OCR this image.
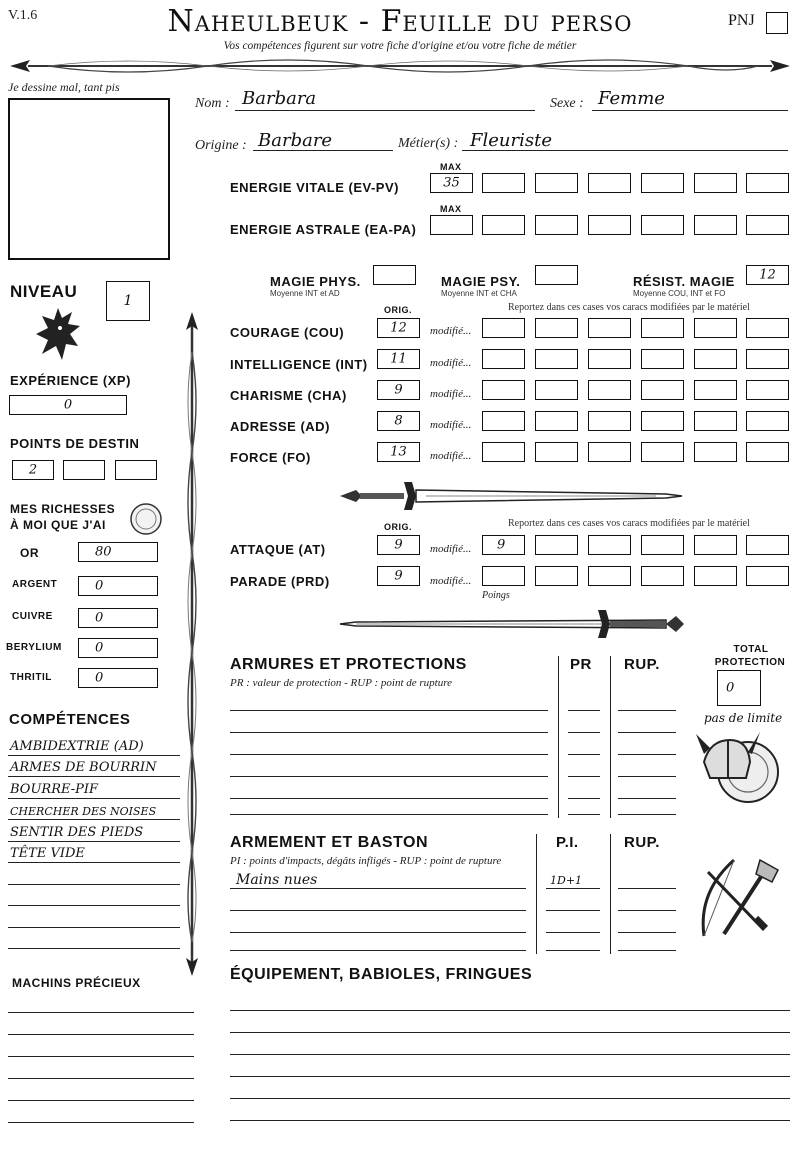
V.1.6	Naheulbeuk - Feuille du perso
Vos compétences figurent sur votre fiche d'origine et/ou votre fiche de métier
PNJ
Je dessine mal, tant pis
Nom : Barbara	Sexe : Femme
Origine : Barbare	Métier(s) : Fleuriste
MAX
ENERGIE VITALE (EV-PV)	35
MAX
ENERGIE ASTRALE (EA-PA)
MAGIE PHYS.
Moyenne INT et AD
MAGIE PSY.
Moyenne INT et CHA
RÉSIST. MAGIE
Moyenne COU, INT et FO
12
NIVEAU	1
EXPÉRIENCE (XP)
0
POINTS DE DESTIN
2
MES RICHESSES
À MOI QUE J'AI
OR	80
ARGENT	0
CUIVRE	0
BERYLIUM	0
THRITIL	0
COMPÉTENCES
AMBIDEXTRIE (AD)
ARMES DE BOURRIN
BOURRE-PIF
CHERCHER DES NOISES
SENTIR DES PIEDS
TÊTE VIDE
MACHINS PRÉCIEUX
ORIG.	Reportez dans ces cases vos caracs modifiées par le matériel
COURAGE (COU)	12	modifié...
INTELLIGENCE (INT)	11	modifié...
CHARISME (CHA)	9	modifié...
ADRESSE (AD)	8	modifié...
FORCE (FO)	13	modifié...
ORIG.	Reportez dans ces cases vos caracs modifiées par le matériel
ATTAQUE (AT)	9	modifié...	9
PARADE (PRD)	9	modifié...
Poings
ARMURES ET PROTECTIONS
PR : valeur de protection - RUP : point de rupture
PR RUP.
TOTAL
PROTECTION
0
pas de limite
ARMEMENT ET BASTON
PI : points d'impacts, dégâts infligés - RUP : point de rupture
P.I.	RUP.
Mains nues	1D+1
ÉQUIPEMENT, BABIOLES, FRINGUES
